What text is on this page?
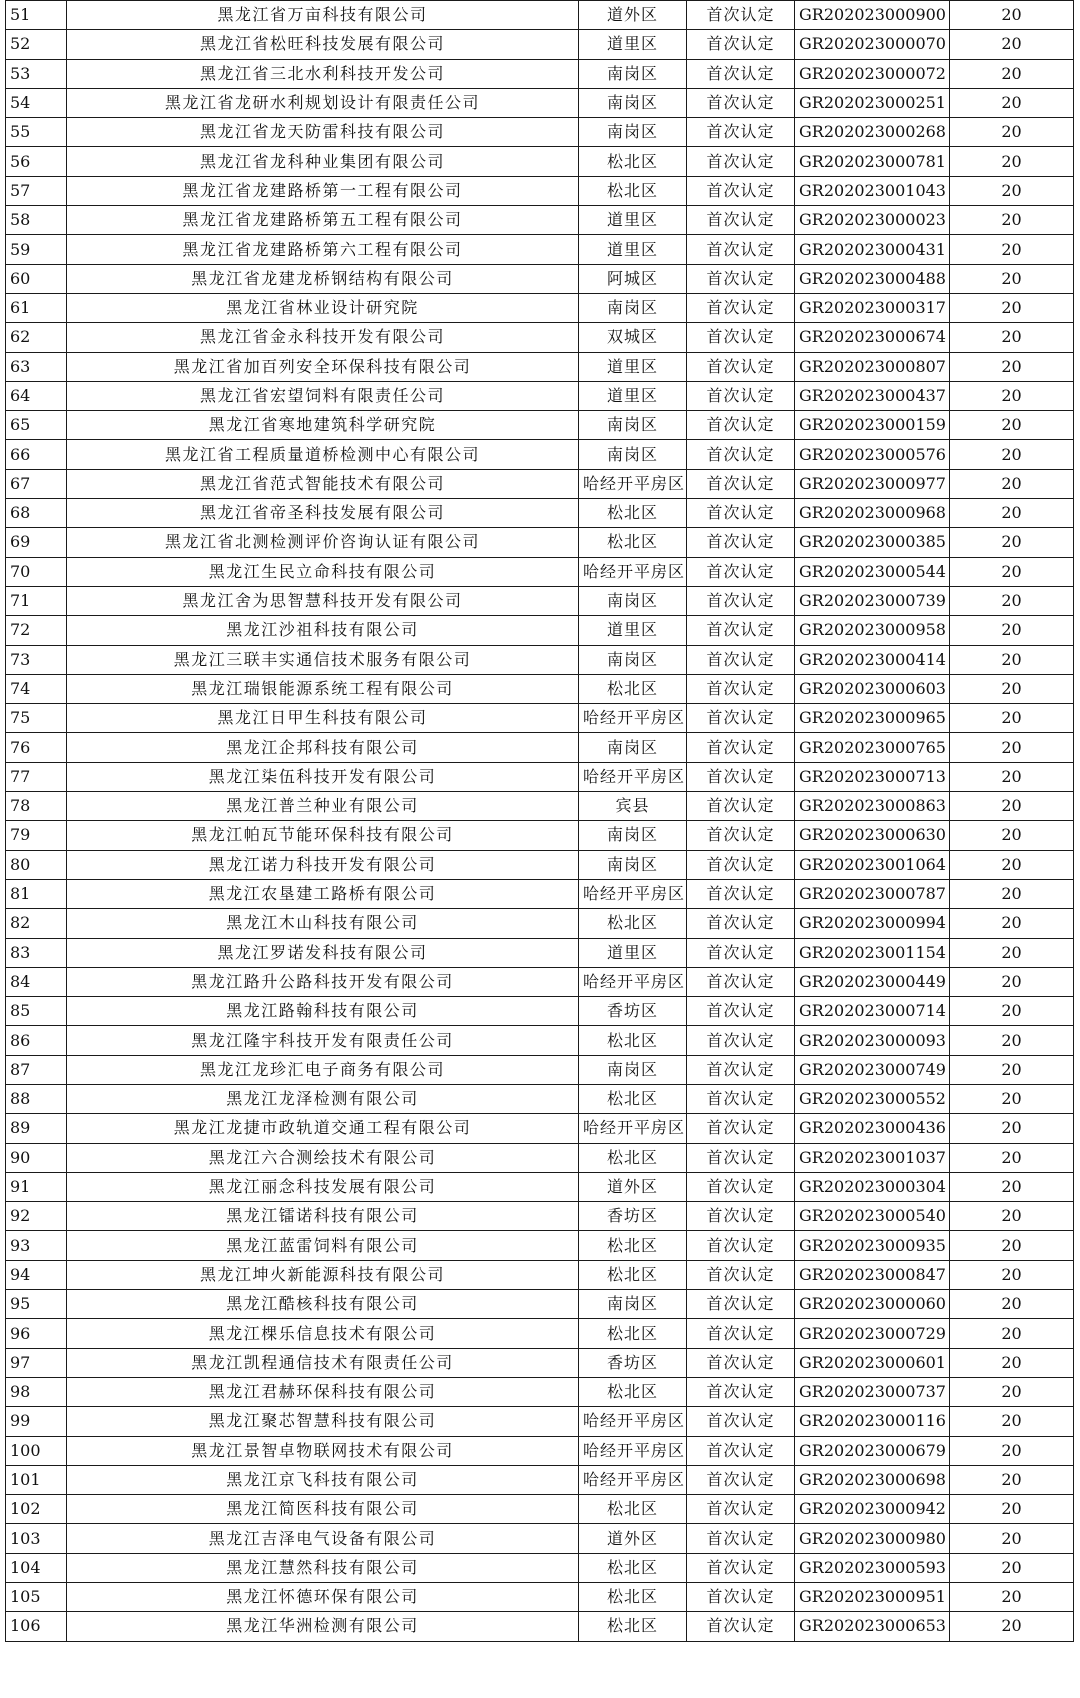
51	黑龙江省万亩科技有限公司	道外区	首次认定	GR202023000900	20
52	黑龙江省松旺科技发展有限公司	道里区	首次认定	GR202023000070	20
53	黑龙江省三北水利科技开发公司	南岗区	首次认定	GR202023000072	20
54	黑龙江省龙研水利规划设计有限责任公司	南岗区	首次认定	GR202023000251	20
55	黑龙江省龙天防雷科技有限公司	南岗区	首次认定	GR202023000268	20
56	黑龙江省龙科种业集团有限公司	松北区	首次认定	GR202023000781	20
57	黑龙江省龙建路桥第一工程有限公司	松北区	首次认定	GR202023001043	20
58	黑龙江省龙建路桥第五工程有限公司	道里区	首次认定	GR202023000023	20
59	黑龙江省龙建路桥第六工程有限公司	道里区	首次认定	GR202023000431	20
60	黑龙江省龙建龙桥钢结构有限公司	阿城区	首次认定	GR202023000488	20
61	黑龙江省林业设计研究院	南岗区	首次认定	GR202023000317	20
62	黑龙江省金永科技开发有限公司	双城区	首次认定	GR202023000674	20
63	黑龙江省加百列安全环保科技有限公司	道里区	首次认定	GR202023000807	20
64	黑龙江省宏望饲料有限责任公司	道里区	首次认定	GR202023000437	20
65	黑龙江省寒地建筑科学研究院	南岗区	首次认定	GR202023000159	20
66	黑龙江省工程质量道桥检测中心有限公司	南岗区	首次认定	GR202023000576	20
67	黑龙江省范式智能技术有限公司	哈经开平房区	首次认定	GR202023000977	20
68	黑龙江省帝圣科技发展有限公司	松北区	首次认定	GR202023000968	20
69	黑龙江省北测检测评价咨询认证有限公司	松北区	首次认定	GR202023000385	20
70	黑龙江生民立命科技有限公司	哈经开平房区	首次认定	GR202023000544	20
71	黑龙江舍为思智慧科技开发有限公司	南岗区	首次认定	GR202023000739	20
72	黑龙江沙祖科技有限公司	道里区	首次认定	GR202023000958	20
73	黑龙江三联丰实通信技术服务有限公司	南岗区	首次认定	GR202023000414	20
74	黑龙江瑞银能源系统工程有限公司	松北区	首次认定	GR202023000603	20
75	黑龙江日甲生科技有限公司	哈经开平房区	首次认定	GR202023000965	20
76	黑龙江企邦科技有限公司	南岗区	首次认定	GR202023000765	20
77	黑龙江柒伍科技开发有限公司	哈经开平房区	首次认定	GR202023000713	20
78	黑龙江普兰种业有限公司	宾县	首次认定	GR202023000863	20
79	黑龙江帕瓦节能环保科技有限公司	南岗区	首次认定	GR202023000630	20
80	黑龙江诺力科技开发有限公司	南岗区	首次认定	GR202023001064	20
81	黑龙江农垦建工路桥有限公司	哈经开平房区	首次认定	GR202023000787	20
82	黑龙江木山科技有限公司	松北区	首次认定	GR202023000994	20
83	黑龙江罗诺发科技有限公司	道里区	首次认定	GR202023001154	20
84	黑龙江路升公路科技开发有限公司	哈经开平房区	首次认定	GR202023000449	20
85	黑龙江路翰科技有限公司	香坊区	首次认定	GR202023000714	20
86	黑龙江隆宇科技开发有限责任公司	松北区	首次认定	GR202023000093	20
87	黑龙江龙珍汇电子商务有限公司	南岗区	首次认定	GR202023000749	20
88	黑龙江龙泽检测有限公司	松北区	首次认定	GR202023000552	20
89	黑龙江龙捷市政轨道交通工程有限公司	哈经开平房区	首次认定	GR202023000436	20
90	黑龙江六合测绘技术有限公司	松北区	首次认定	GR202023001037	20
91	黑龙江丽念科技发展有限公司	道外区	首次认定	GR202023000304	20
92	黑龙江镭诺科技有限公司	香坊区	首次认定	GR202023000540	20
93	黑龙江蓝雷饲料有限公司	松北区	首次认定	GR202023000935	20
94	黑龙江坤火新能源科技有限公司	松北区	首次认定	GR202023000847	20
95	黑龙江酷核科技有限公司	南岗区	首次认定	GR202023000060	20
96	黑龙江棵乐信息技术有限公司	松北区	首次认定	GR202023000729	20
97	黑龙江凯程通信技术有限责任公司	香坊区	首次认定	GR202023000601	20
98	黑龙江君赫环保科技有限公司	松北区	首次认定	GR202023000737	20
99	黑龙江聚芯智慧科技有限公司	哈经开平房区	首次认定	GR202023000116	20
100	黑龙江景智卓物联网技术有限公司	哈经开平房区	首次认定	GR202023000679	20
101	黑龙江京飞科技有限公司	哈经开平房区	首次认定	GR202023000698	20
102	黑龙江简医科技有限公司	松北区	首次认定	GR202023000942	20
103	黑龙江吉泽电气设备有限公司	道外区	首次认定	GR202023000980	20
104	黑龙江慧然科技有限公司	松北区	首次认定	GR202023000593	20
105	黑龙江怀德环保有限公司	松北区	首次认定	GR202023000951	20
106	黑龙江华洲检测有限公司	松北区	首次认定	GR202023000653	20
